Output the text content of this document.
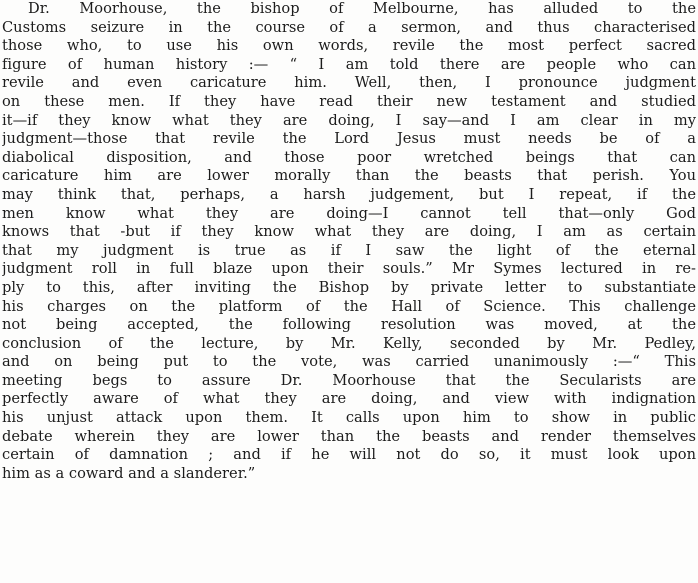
Dr. Moorhouse, the bishop of Melbourne, has alluded to the
Customs seizure in the course of a sermon, and thus characterised
those who, to use his own words, revile the most perfect sacred
figure of human history :— “ I am told there are people who can
revile and even caricature him. Well, then, I pronounce judgment
on these men. If they have read their new testament and studied
it—if they know what they are doing, I say—and I am clear in my
judgment—those that revile the Lord Jesus must needs be of a
diabolical disposition, and those poor wretched beings that can
caricature him are lower morally than the beasts that perish. You
may think that, perhaps, a harsh judgement, but I repeat, if the
men know what they are doing—I cannot tell that—only God
knows that -but if they know what they are doing, I am as certain
that my judgment is true as if I saw the light of the eternal
judgment roll in full blaze upon their souls.” Mr Symes lectured in re-
ply to this, after inviting the Bishop by private letter to substantiate
his charges on the platform of the Hall of Science. This challenge
not being accepted, the following resolution was moved, at the
conclusion of the lecture, by Mr. Kelly, seconded by Mr. Pedley,
and on being put to the vote, was carried unanimously :—“ This
meeting begs to assure Dr. Moorhouse that the Secularists are
perfectly aware of what they are doing, and view with indignation
his unjust attack upon them. It calls upon him to show in public
debate wherein they are lower than the beasts and render themselves
certain of damnation ; and if he will not do so, it must look upon
him as a coward and a slanderer.”
